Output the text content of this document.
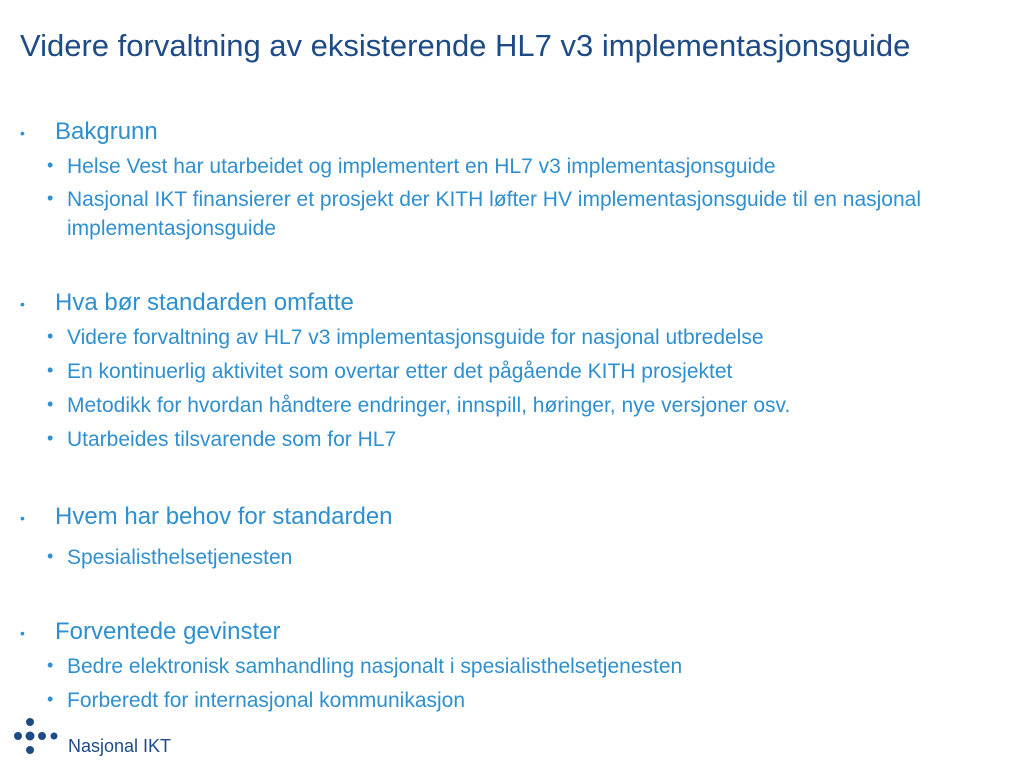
Videre forvaltning av eksisterende HL7 v3 implementasjonsguide
• Bakgrunn
• Helse Vest har utarbeidet og implementert en HL7 v3 implementasjonsguide
• Nasjonal IKT finansierer et prosjekt der KITH løfter HV implementasjonsguide til en nasjonal implementasjonsguide
• Hva bør standarden omfatte
• Videre forvaltning av HL7 v3 implementasjonsguide for nasjonal utbredelse
• En kontinuerlig aktivitet som overtar etter det pågående KITH prosjektet
• Metodikk for hvordan håndtere endringer, innspill, høringer, nye versjoner osv.
• Utarbeides tilsvarende som for HL7
• Hvem har behov for standarden
• Spesialisthelsetjenesten
• Forventede gevinster
• Bedre elektronisk samhandling nasjonalt i spesialisthelsetjenesten
• Forberedt for internasjonal kommunikasjon
Nasjonal IKT
